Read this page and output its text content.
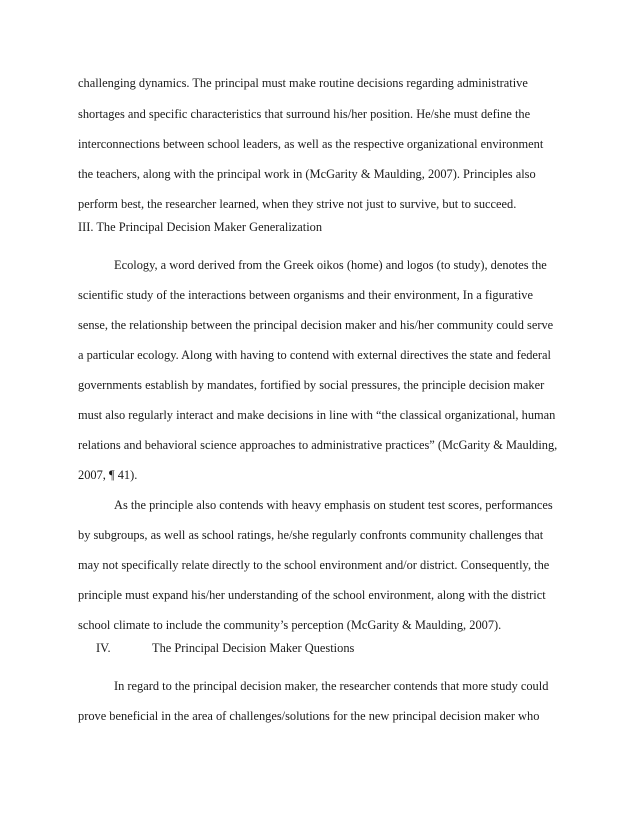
challenging dynamics. The principal must make routine decisions regarding administrative
shortages and specific characteristics that surround his/her position. He/she must define the
interconnections between school leaders, as well as the respective organizational environment
the teachers, along with the principal work in (McGarity & Maulding, 2007). Principles also
perform best, the researcher learned, when they strive not just to survive, but to succeed.
III. The Principal Decision Maker Generalization
Ecology, a word derived from the Greek oikos (home) and logos (to study), denotes the
scientific study of the interactions between organisms and their environment, In a figurative
sense, the relationship between the principal decision maker and his/her community could serve
a particular ecology. Along with having to contend with external directives the state and federal
governments establish by mandates, fortified by social pressures, the principle decision maker
must also regularly interact and make decisions in line with “the classical organizational, human
relations and behavioral science approaches to administrative practices” (McGarity & Maulding,
2007, ¶ 41).
As the principle also contends with heavy emphasis on student test scores, performances
by subgroups, as well as school ratings, he/she regularly confronts community challenges that
may not specifically relate directly to the school environment and/or district. Consequently, the
principle must expand his/her understanding of the school environment, along with the district
school climate to include the community’s perception (McGarity & Maulding, 2007).
IV.	The Principal Decision Maker Questions
In regard to the principal decision maker, the researcher contends that more study could
prove beneficial in the area of challenges/solutions for the new principal decision maker who
